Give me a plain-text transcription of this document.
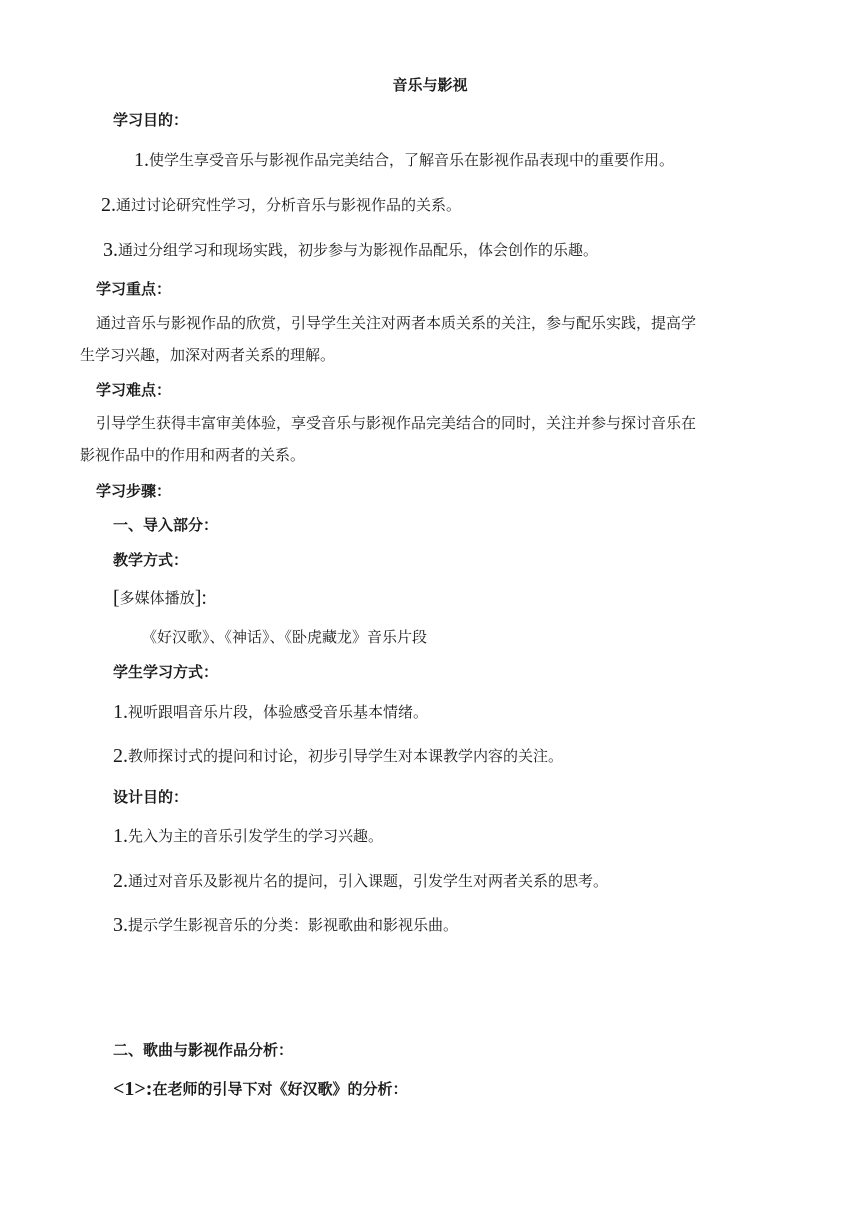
音乐与影视
学习目的：
1.使学生享受音乐与影视作品完美结合，了解音乐在影视作品表现中的重要作用。
2.通过讨论研究性学习，分析音乐与影视作品的关系。
3.通过分组学习和现场实践，初步参与为影视作品配乐，体会创作的乐趣。
学习重点：
通过音乐与影视作品的欣赏，引导学生关注对两者本质关系的关注，参与配乐实践，提高学
生学习兴趣，加深对两者关系的理解。
学习难点：
引导学生获得丰富审美体验，享受音乐与影视作品完美结合的同时，关注并参与探讨音乐在
影视作品中的作用和两者的关系。
学习步骤：
一、导入部分：
教学方式：
[多媒体播放]:
《好汉歌》、《神话》、《卧虎藏龙》音乐片段
学生学习方式：
1.视听跟唱音乐片段，体验感受音乐基本情绪。
2.教师探讨式的提问和讨论，初步引导学生对本课教学内容的关注。
设计目的：
1.先入为主的音乐引发学生的学习兴趣。
2.通过对音乐及影视片名的提问，引入课题，引发学生对两者关系的思考。
3.提示学生影视音乐的分类：影视歌曲和影视乐曲。
二、歌曲与影视作品分析：
<1>:在老师的引导下对《好汉歌》的分析：
